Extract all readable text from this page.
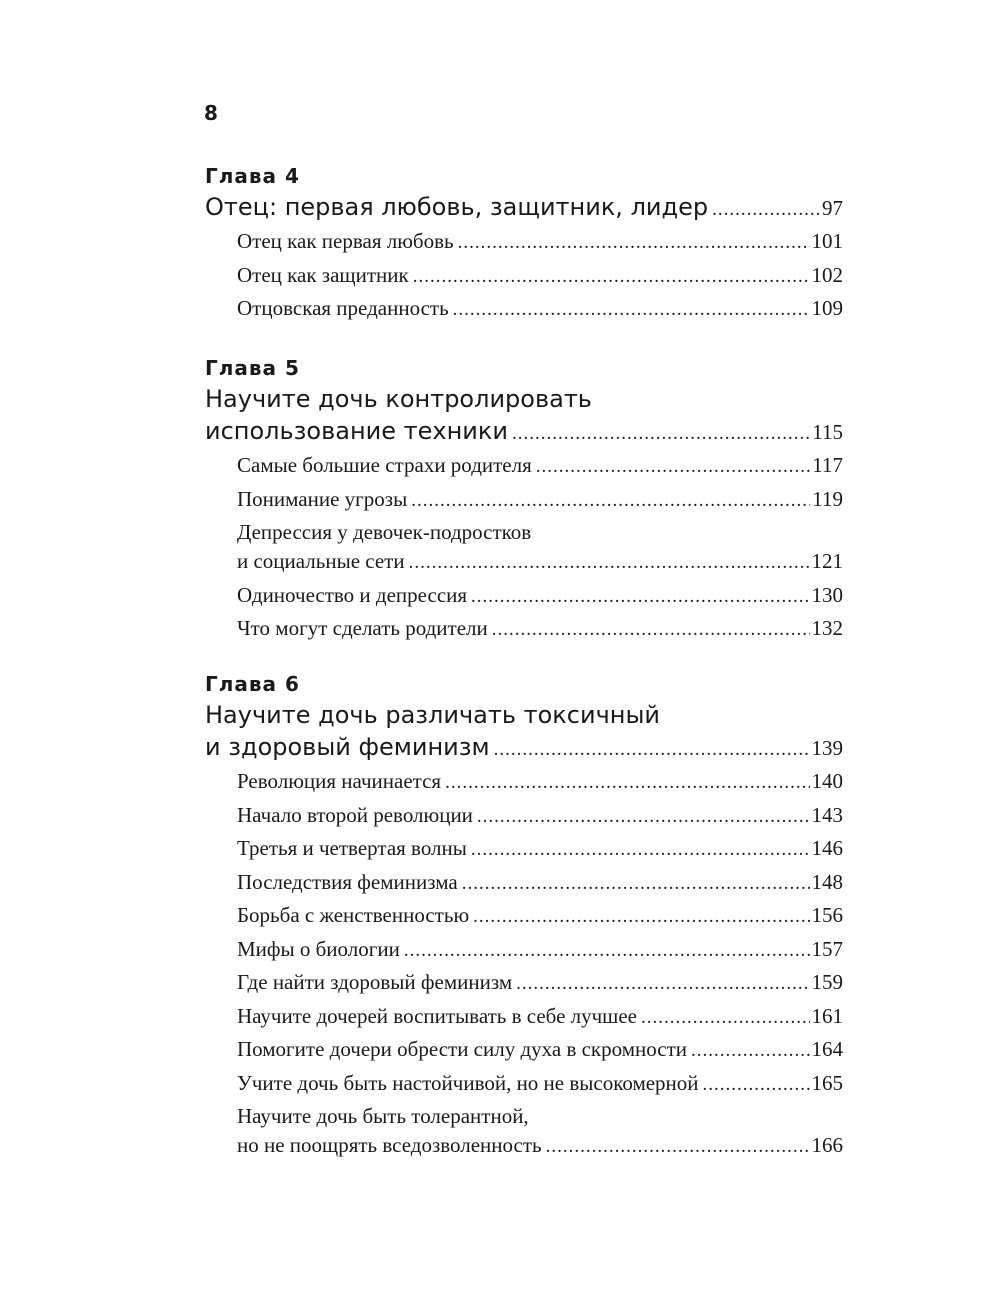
8
Глава 4
Отец: первая любовь, защитник, лидер .....	97
Отец как первая любовь .....	101
Отец как защитник .....	102
Отцовская преданность .....	109
Глава 5
Научите дочь контролировать
использование техники .....	115
Самые большие страхи родителя .....	117
Понимание угрозы .....	119
Депрессия у девочек-подростков
и социальные сети .....	121
Одиночество и депрессия .....	130
Что могут сделать родители .....	132
Глава 6
Научите дочь различать токсичный
и здоровый феминизм .....	139
Революция начинается .....	140
Начало второй революции .....	143
Третья и четвертая волны .....	146
Последствия феминизма .....	148
Борьба с женственностью .....	156
Мифы о биологии .....	157
Где найти здоровый феминизм .....	159
Научите дочерей воспитывать в себе лучшее .....	161
Помогите дочери обрести силу духа в скромности .....	164
Учите дочь быть настойчивой, но не высокомерной .....	165
Научите дочь быть толерантной,
но не поощрять вседозволенность .....	166
